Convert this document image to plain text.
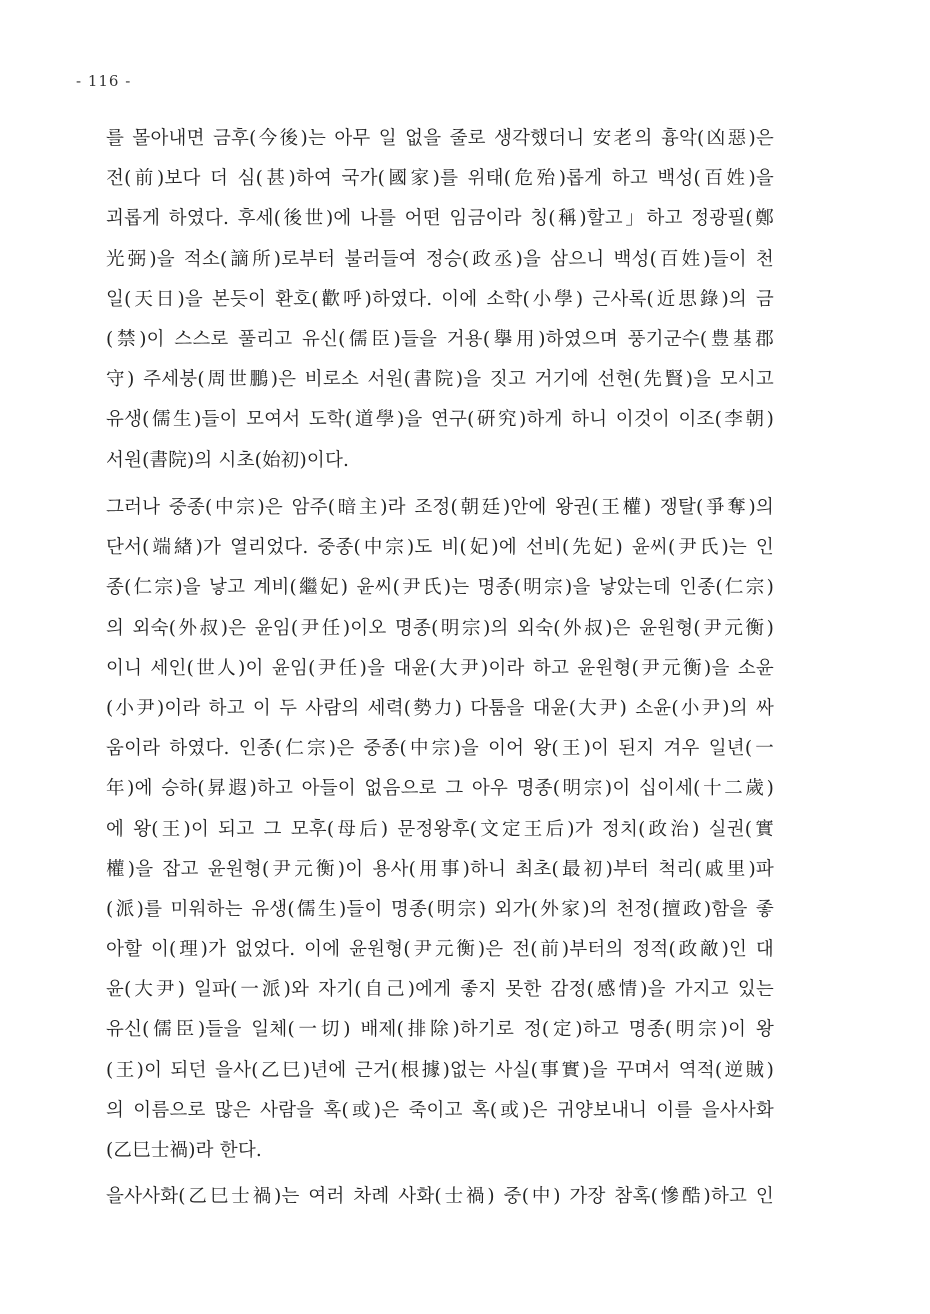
- 116 -
를 몰아내면 금후(今後)는 아무 일 없을 줄로 생각했더니 安老의 흉악(凶惡)은
전(前)보다 더 심(甚)하여 국가(國家)를 위태(危殆)롭게 하고 백성(百姓)을
괴롭게 하였다. 후세(後世)에 나를 어떤 임금이라 칭(稱)할고」하고 정광필(鄭
光弼)을 적소(謫所)로부터 불러들여 정승(政丞)을 삼으니 백성(百姓)들이 천
일(天日)을 본듯이 환호(歡呼)하였다. 이에 소학(小學) 근사록(近思錄)의 금
(禁)이 스스로 풀리고 유신(儒臣)들을 거용(擧用)하였으며 풍기군수(豊基郡
守) 주세붕(周世鵬)은 비로소 서원(書院)을 짓고 거기에 선현(先賢)을 모시고
유생(儒生)들이 모여서 도학(道學)을 연구(硏究)하게 하니 이것이 이조(李朝)
서원(書院)의 시초(始初)이다.
그러나 중종(中宗)은 암주(暗主)라 조정(朝廷)안에 왕권(王權) 쟁탈(爭奪)의
단서(端緖)가 열리었다. 중종(中宗)도 비(妃)에 선비(先妃) 윤씨(尹氏)는 인
종(仁宗)을 낳고 계비(繼妃) 윤씨(尹氏)는 명종(明宗)을 낳았는데 인종(仁宗)
의 외숙(外叔)은 윤임(尹任)이오 명종(明宗)의 외숙(外叔)은 윤원형(尹元衡)
이니 세인(世人)이 윤임(尹任)을 대윤(大尹)이라 하고 윤원형(尹元衡)을 소윤
(小尹)이라 하고 이 두 사람의 세력(勢力) 다툼을 대윤(大尹) 소윤(小尹)의 싸
움이라 하였다. 인종(仁宗)은 중종(中宗)을 이어 왕(王)이 된지 겨우 일년(一
年)에 승하(昇遐)하고 아들이 없음으로 그 아우 명종(明宗)이 십이세(十二歲)
에 왕(王)이 되고 그 모후(母后) 문정왕후(文定王后)가 정치(政治) 실권(實
權)을 잡고 윤원형(尹元衡)이 용사(用事)하니 최초(最初)부터 척리(戚里)파
(派)를 미워하는 유생(儒生)들이 명종(明宗) 외가(外家)의 천정(擅政)함을 좋
아할 이(理)가 없었다. 이에 윤원형(尹元衡)은 전(前)부터의 정적(政敵)인 대
윤(大尹) 일파(一派)와 자기(自己)에게 좋지 못한 감정(感情)을 가지고 있는
유신(儒臣)들을 일체(一切) 배제(排除)하기로 정(定)하고 명종(明宗)이 왕
(王)이 되던 을사(乙巳)년에 근거(根據)없는 사실(事實)을 꾸며서 역적(逆賊)
의 이름으로 많은 사람을 혹(或)은 죽이고 혹(或)은 귀양보내니 이를 을사사화
(乙巳士禍)라 한다.
을사사화(乙巳士禍)는 여러 차례 사화(士禍) 중(中) 가장 참혹(慘酷)하고 인
